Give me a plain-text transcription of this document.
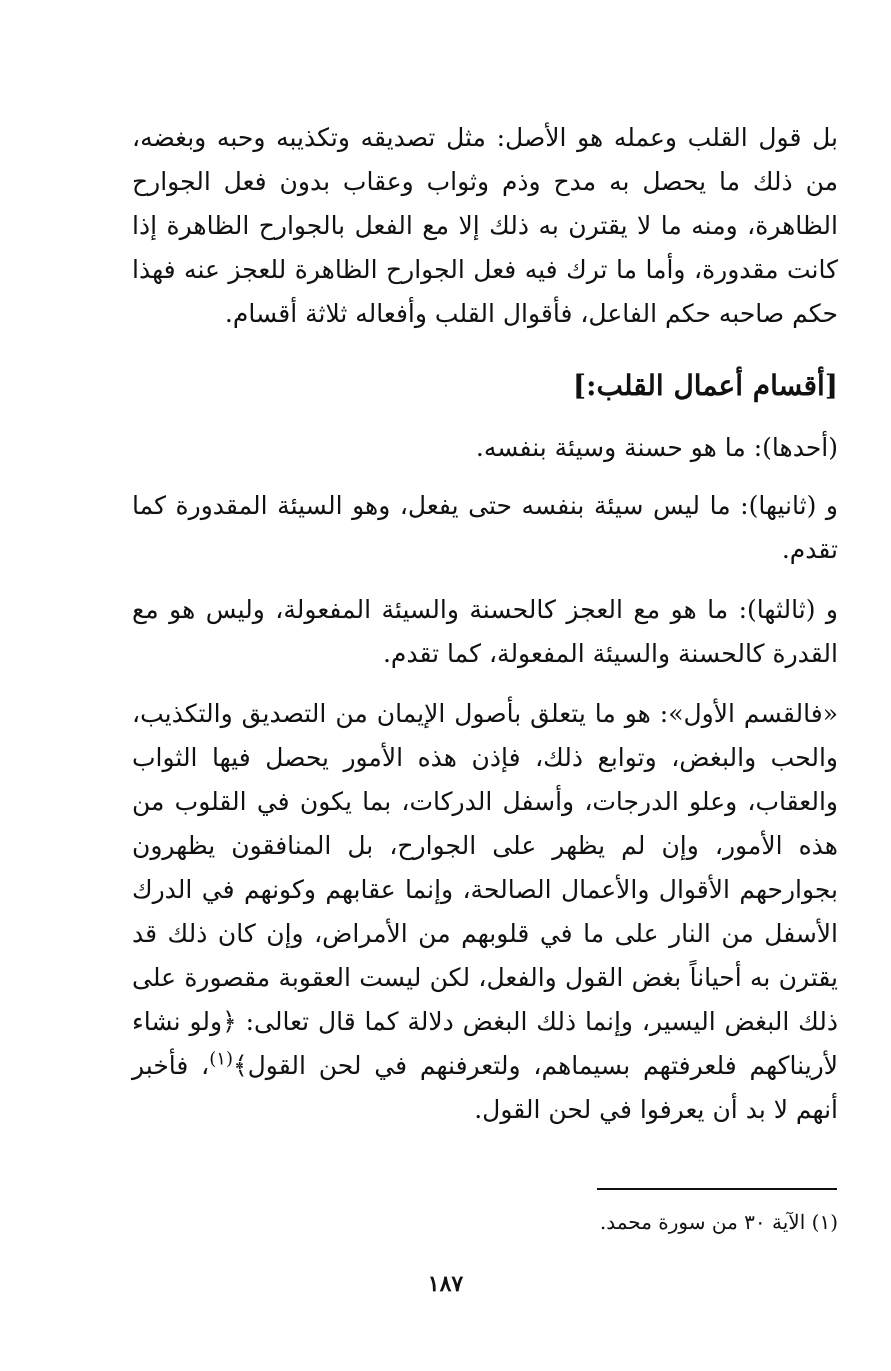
بل قول القلب وعمله هو الأصل: مثل تصديقه وتكذيبه وحبه وبغضه، من ذلك ما يحصل به مدح وذم وثواب وعقاب بدون فعل الجوارح الظاهرة، ومنه ما لا يقترن به ذلك إلا مع الفعل بالجوارح الظاهرة إذا كانت مقدورة، وأما ما ترك فيه فعل الجوارح الظاهرة للعجز عنه فهذا حكم صاحبه حكم الفاعل، فأقوال القلب وأفعاله ثلاثة أقسام.

[أقسام أعمال القلب:]

(أحدها): ما هو حسنة وسيئة بنفسه.

و (ثانيها): ما ليس سيئة بنفسه حتى يفعل، وهو السيئة المقدورة كما تقدم.

و (ثالثها): ما هو مع العجز كالحسنة والسيئة المفعولة، وليس هو مع القدرة كالحسنة والسيئة المفعولة، كما تقدم.

«فالقسم الأول»: هو ما يتعلق بأصول الإيمان من التصديق والتكذيب، والحب والبغض، وتوابع ذلك، فإذن هذه الأمور يحصل فيها الثواب والعقاب، وعلو الدرجات، وأسفل الدركات، بما يكون في القلوب من هذه الأمور، وإن لم يظهر على الجوارح، بل المنافقون يظهرون بجوارحهم الأقوال والأعمال الصالحة، وإنما عقابهم وكونهم في الدرك الأسفل من النار على ما في قلوبهم من الأمراض، وإن كان ذلك قد يقترن به أحياناً بغض القول والفعل، لكن ليست العقوبة مقصورة على ذلك البغض اليسير، وإنما ذلك البغض دلالة كما قال تعالى: ﴿ولو نشاء لأريناكهم فلعرفتهم بسيماهم، ولتعرفنهم في لحن القول﴾$^{(١)}$، فأخبر أنهم لا بد أن يعرفوا في لحن القول.

(١) الآية ٣٠ من سورة محمد.

١٨٧
